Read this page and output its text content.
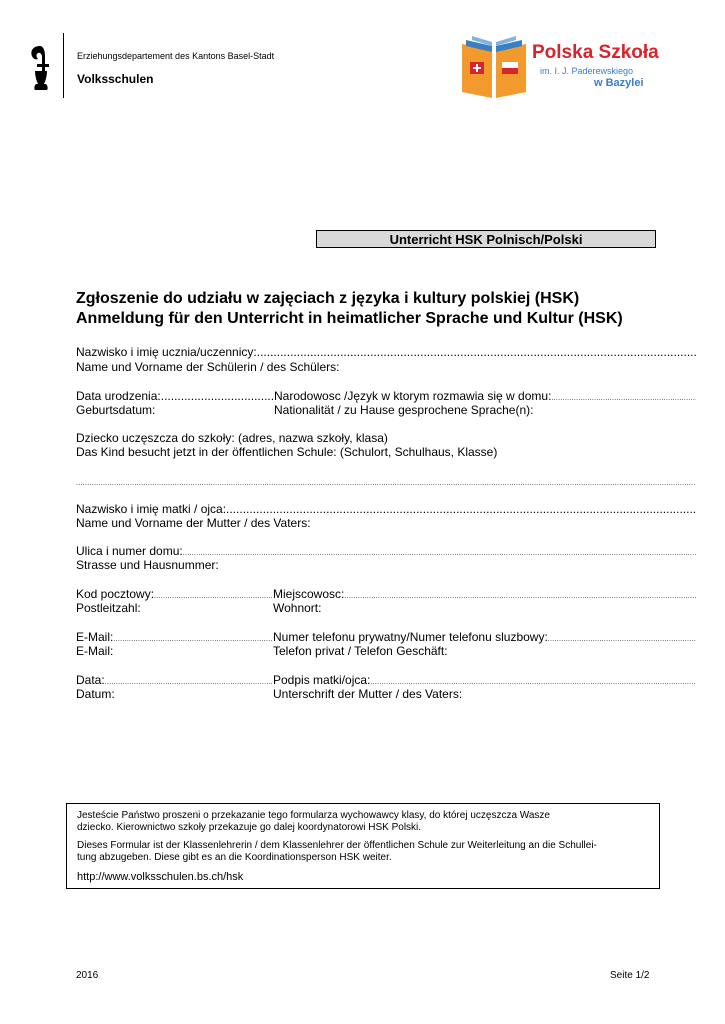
Erziehungsdepartement des Kantons Basel-Stadt
Volksschulen
Polska Szkoła
im. I. J. Paderewskiego
w Bazylei
Unterricht HSK Polnisch/Polski
Zgłoszenie do udziału w zajęciach z języka i kultury polskiej (HSK)
Anmeldung für den Unterricht in heimatlicher Sprache und Kultur (HSK)
Nazwisko i imię ucznia/uczennicy:.
.....
Name und Vorname der Schülerin / des Schülers:
Data urodzenia: .....	Narodowosc /Język w ktorym rozmawia się w domu:
.....
Geburtsdatum:	Nationalität / zu Hause gesprochene Sprache(n):
Dziecko uczęszcza do szkoły: (adres, nazwa szkoły, klasa)
Das Kind besucht jetzt in der öffentlichen Schule: (Schulort, Schulhaus, Klasse)
.....
Nazwisko i imię matki / ojca:
.....
Name und Vorname der Mutter / des Vaters:
Ulica i numer domu:
.....
Strasse und Hausnummer:
Kod pocztowy: .....	Miejscowosc:
.....
Postleitzahl:	Wohnort:
E-Mail: .....	Numer telefonu prywatny/Numer telefonu sluzbowy:
.....
E-Mail:	Telefon privat / Telefon Geschäft:
Data: .....	Podpis matki/ojca:
.....
Datum:	Unterschrift der Mutter / des Vaters:
Jesteście Państwo proszeni o przekazanie tego formularza wychowawcy klasy, do której uczęszcza Wasze
dziecko. Kierownictwo szkoły przekazuje go dalej koordynatorowi HSK Polski.
Dieses Formular ist der Klassenlehrerin / dem Klassenlehrer der öffentlichen Schule zur Weiterleitung an die Schullei-
tung abzugeben. Diese gibt es an die Koordinationsperson HSK weiter.
http://www.volksschulen.bs.ch/hsk
2016	Seite 1/2
